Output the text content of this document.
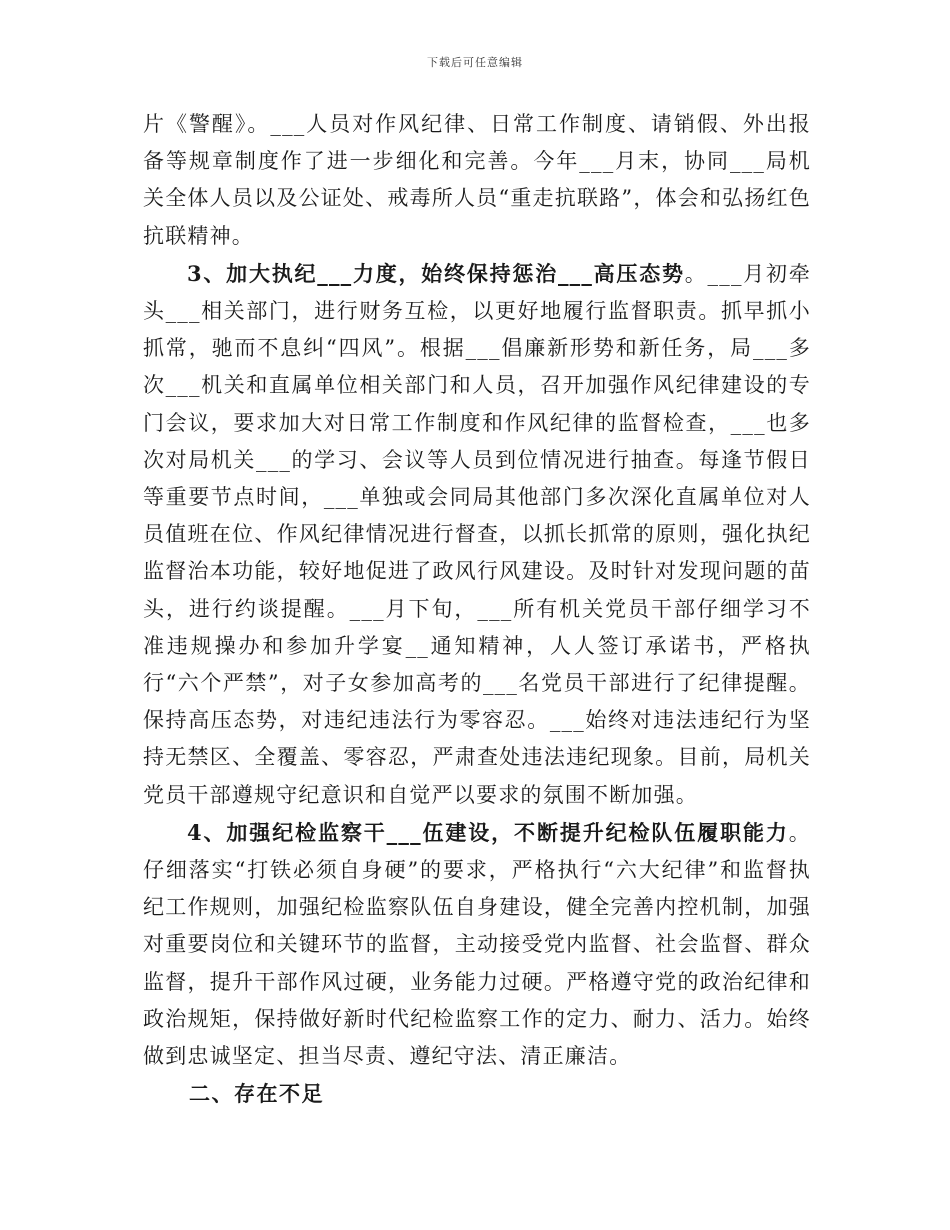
下载后可任意编辑

片《警醒》。___人员对作风纪律、日常工作制度、请销假、外出报备等规章制度作了进一步细化和完善。今年___月末，协同___局机关全体人员以及公证处、戒毒所人员“重走抗联路”，体会和弘扬红色抗联精神。

3、加大执纪___力度，始终保持惩治___高压态势。___月初牵头___相关部门，进行财务互检，以更好地履行监督职责。抓早抓小抓常，驰而不息纠“四风”。根据___倡廉新形势和新任务，局___多次___机关和直属单位相关部门和人员，召开加强作风纪律建设的专门会议，要求加大对日常工作制度和作风纪律的监督检查，___也多次对局机关___的学习、会议等人员到位情况进行抽查。每逢节假日等重要节点时间，___单独或会同局其他部门多次深化直属单位对人员值班在位、作风纪律情况进行督查，以抓长抓常的原则，强化执纪监督治本功能，较好地促进了政风行风建设。及时针对发现问题的苗头，进行约谈提醒。___月下旬，___所有机关党员干部仔细学习不准违规操办和参加升学宴__通知精神，人人签订承诺书，严格执行“六个严禁”，对子女参加高考的___名党员干部进行了纪律提醒。保持高压态势，对违纪违法行为零容忍。___始终对违法违纪行为坚持无禁区、全覆盖、零容忍，严肃查处违法违纪现象。目前，局机关党员干部遵规守纪意识和自觉严以要求的氛围不断加强。

4、加强纪检监察干___伍建设，不断提升纪检队伍履职能力。仔细落实“打铁必须自身硬”的要求，严格执行“六大纪律”和监督执纪工作规则，加强纪检监察队伍自身建设，健全完善内控机制，加强对重要岗位和关键环节的监督，主动接受党内监督、社会监督、群众监督，提升干部作风过硬，业务能力过硬。严格遵守党的政治纪律和政治规矩，保持做好新时代纪检监察工作的定力、耐力、活力。始终做到忠诚坚定、担当尽责、遵纪守法、清正廉洁。

二、存在不足
